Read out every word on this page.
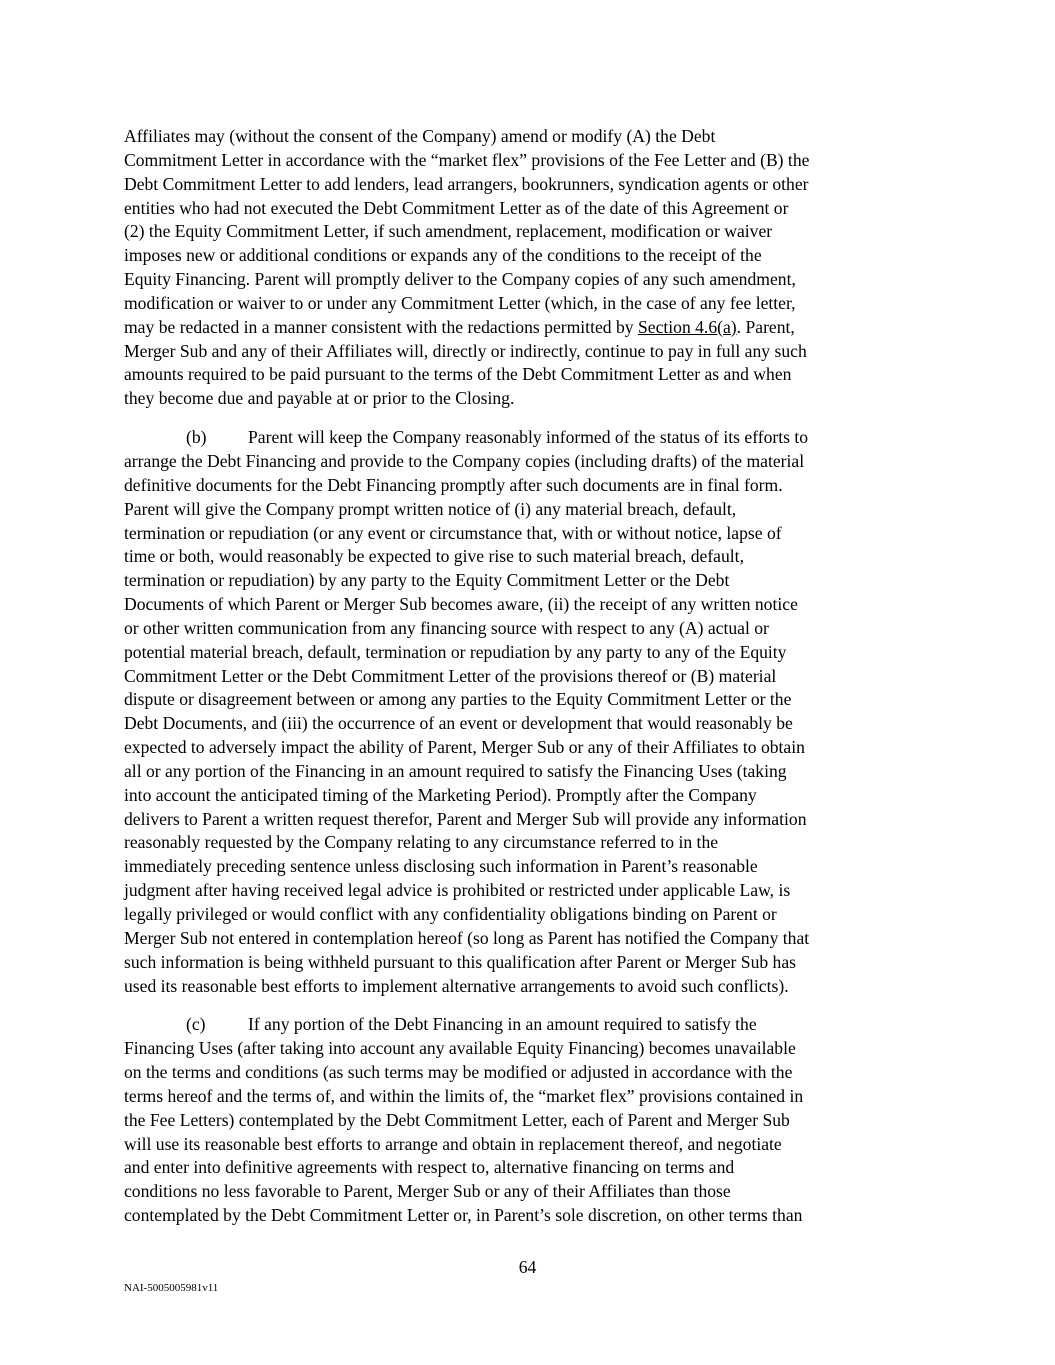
Affiliates may (without the consent of the Company) amend or modify (A) the Debt
Commitment Letter in accordance with the “market flex” provisions of the Fee Letter and (B) the
Debt Commitment Letter to add lenders, lead arrangers, bookrunners, syndication agents or other
entities who had not executed the Debt Commitment Letter as of the date of this Agreement or
(2) the Equity Commitment Letter, if such amendment, replacement, modification or waiver
imposes new or additional conditions or expands any of the conditions to the receipt of the
Equity Financing. Parent will promptly deliver to the Company copies of any such amendment,
modification or waiver to or under any Commitment Letter (which, in the case of any fee letter,
may be redacted in a manner consistent with the redactions permitted by Section 4.6(a). Parent,
Merger Sub and any of their Affiliates will, directly or indirectly, continue to pay in full any such
amounts required to be paid pursuant to the terms of the Debt Commitment Letter as and when
they become due and payable at or prior to the Closing.

(b) Parent will keep the Company reasonably informed of the status of its efforts to
arrange the Debt Financing and provide to the Company copies (including drafts) of the material
definitive documents for the Debt Financing promptly after such documents are in final form.
Parent will give the Company prompt written notice of (i) any material breach, default,
termination or repudiation (or any event or circumstance that, with or without notice, lapse of
time or both, would reasonably be expected to give rise to such material breach, default,
termination or repudiation) by any party to the Equity Commitment Letter or the Debt
Documents of which Parent or Merger Sub becomes aware, (ii) the receipt of any written notice
or other written communication from any financing source with respect to any (A) actual or
potential material breach, default, termination or repudiation by any party to any of the Equity
Commitment Letter or the Debt Commitment Letter of the provisions thereof or (B) material
dispute or disagreement between or among any parties to the Equity Commitment Letter or the
Debt Documents, and (iii) the occurrence of an event or development that would reasonably be
expected to adversely impact the ability of Parent, Merger Sub or any of their Affiliates to obtain
all or any portion of the Financing in an amount required to satisfy the Financing Uses (taking
into account the anticipated timing of the Marketing Period). Promptly after the Company
delivers to Parent a written request therefor, Parent and Merger Sub will provide any information
reasonably requested by the Company relating to any circumstance referred to in the
immediately preceding sentence unless disclosing such information in Parent’s reasonable
judgment after having received legal advice is prohibited or restricted under applicable Law, is
legally privileged or would conflict with any confidentiality obligations binding on Parent or
Merger Sub not entered in contemplation hereof (so long as Parent has notified the Company that
such information is being withheld pursuant to this qualification after Parent or Merger Sub has
used its reasonable best efforts to implement alternative arrangements to avoid such conflicts).

(c) If any portion of the Debt Financing in an amount required to satisfy the
Financing Uses (after taking into account any available Equity Financing) becomes unavailable
on the terms and conditions (as such terms may be modified or adjusted in accordance with the
terms hereof and the terms of, and within the limits of, the “market flex” provisions contained in
the Fee Letters) contemplated by the Debt Commitment Letter, each of Parent and Merger Sub
will use its reasonable best efforts to arrange and obtain in replacement thereof, and negotiate
and enter into definitive agreements with respect to, alternative financing on terms and
conditions no less favorable to Parent, Merger Sub or any of their Affiliates than those
contemplated by the Debt Commitment Letter or, in Parent’s sole discretion, on other terms than

64
NAI-5005005981v11
